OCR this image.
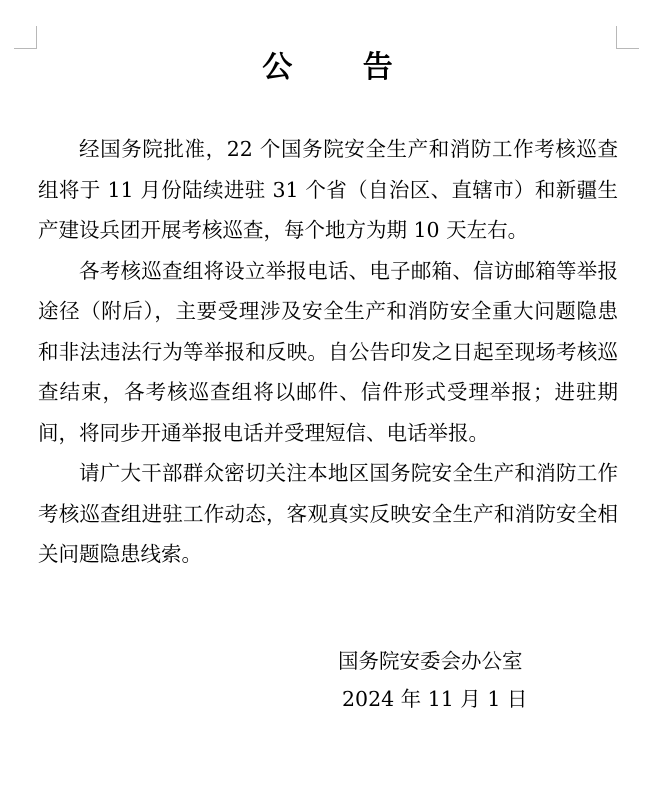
公 告

经国务院批准，22 个国务院安全生产和消防工作考核巡查组将于 11 月份陆续进驻 31 个省（自治区、直辖市）和新疆生产建设兵团开展考核巡查，每个地方为期 10 天左右。

各考核巡查组将设立举报电话、电子邮箱、信访邮箱等举报途径（附后），主要受理涉及安全生产和消防安全重大问题隐患和非法违法行为等举报和反映。自公告印发之日起至现场考核巡查结束，各考核巡查组将以邮件、信件形式受理举报；进驻期间，将同步开通举报电话并受理短信、电话举报。

请广大干部群众密切关注本地区国务院安全生产和消防工作考核巡查组进驻工作动态，客观真实反映安全生产和消防安全相关问题隐患线索。

国务院安委会办公室
2024 年 11 月 1 日
